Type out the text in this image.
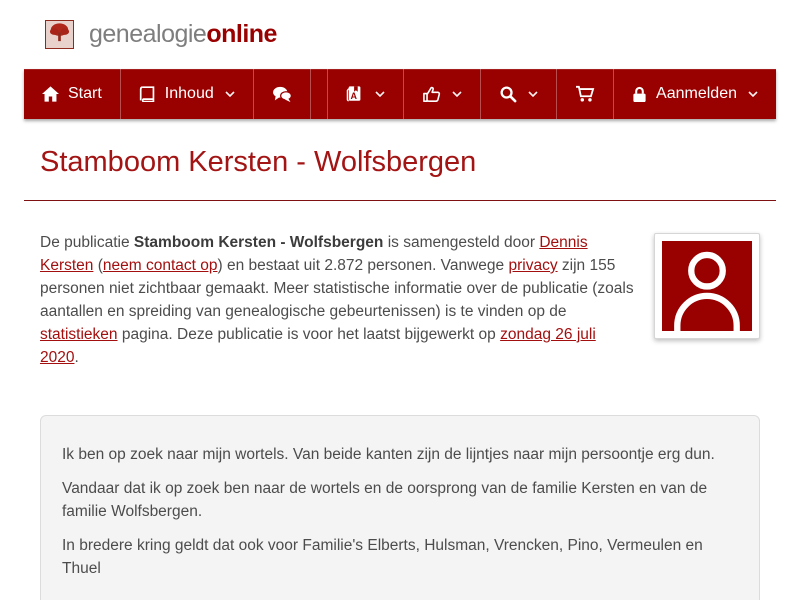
genealogieonline
Start	Inhoud	A	Aanmelden
Stamboom Kersten - Wolfsbergen

De publicatie Stamboom Kersten - Wolfsbergen is samengesteld door Dennis Kersten (neem contact op) en bestaat uit 2.872 personen. Vanwege privacy zijn 155 personen niet zichtbaar gemaakt. Meer statistische informatie over de publicatie (zoals aantallen en spreiding van genealogische gebeurtenissen) is te vinden op de statistieken pagina. Deze publicatie is voor het laatst bijgewerkt op zondag 26 juli 2020.

Ik ben op zoek naar mijn wortels. Van beide kanten zijn de lijntjes naar mijn persoontje erg dun.

Vandaar dat ik op zoek ben naar de wortels en de oorsprong van de familie Kersten en van de familie Wolfsbergen.

In bredere kring geldt dat ook voor Familie's Elberts, Hulsman, Vrencken, Pino, Vermeulen en Thuel
